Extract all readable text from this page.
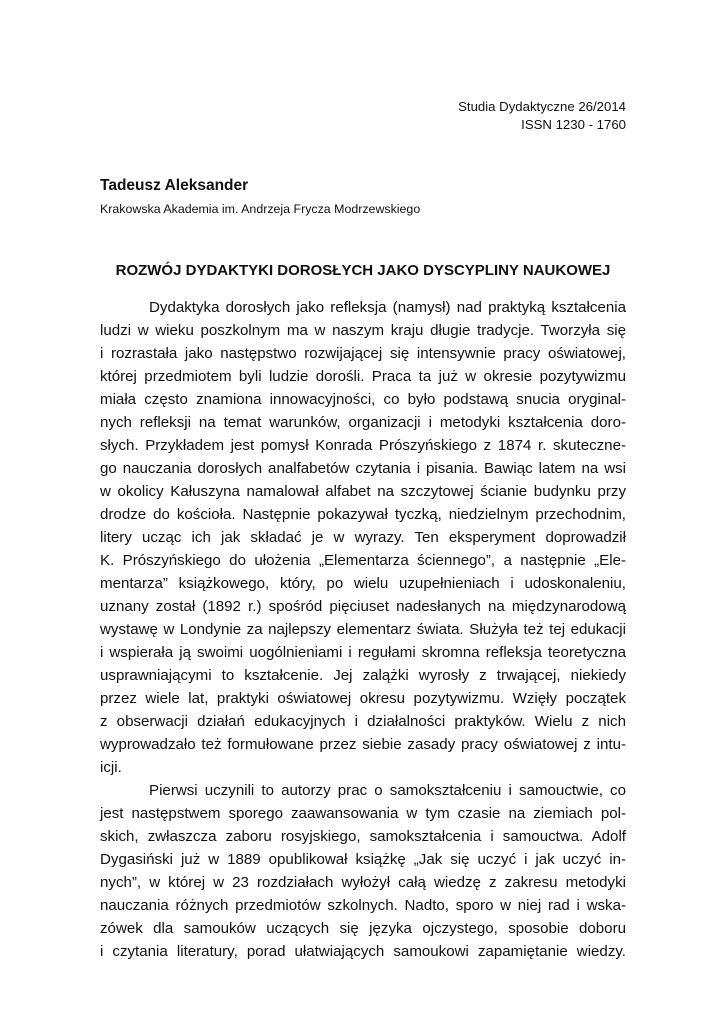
Studia Dydaktyczne 26/2014
ISSN 1230 - 1760
Tadeusz Aleksander
Krakowska Akademia im. Andrzeja Frycza Modrzewskiego
ROZWÓJ DYDAKTYKI DOROSŁYCH JAKO DYSCYPLINY NAUKOWEJ
Dydaktyka dorosłych jako refleksja (namysł) nad praktyką kształcenia
ludzi w wieku poszkolnym ma w naszym kraju długie tradycje. Tworzyła się
i rozrastała jako następstwo rozwijającej się intensywnie pracy oświatowej,
której przedmiotem byli ludzie dorośli. Praca ta już w okresie pozytywizmu
miała często znamiona innowacyjności, co było podstawą snucia oryginal-
nych refleksji na temat warunków, organizacji i metodyki kształcenia doro-
słych. Przykładem jest pomysł Konrada Prószyńskiego z 1874 r. skuteczne-
go nauczania dorosłych analfabetów czytania i pisania. Bawiąc latem na wsi
w okolicy Kałuszyna namalował alfabet na szczytowej ścianie budynku przy
drodze do kościoła. Następnie pokazywał tyczką, niedzielnym przechodnim,
litery ucząc ich jak składać je w wyrazy. Ten eksperyment doprowadził
K. Prószyńskiego do ułożenia „Elementarza ściennego”, a następnie „Ele-
mentarza” książkowego, który, po wielu uzupełnieniach i udoskonaleniu,
uznany został (1892 r.) spośród pięciuset nadesłanych na międzynarodową
wystawę w Londynie za najlepszy elementarz świata. Służyła też tej edukacji
i wspierała ją swoimi uogólnieniami i regułami skromna refleksja teoretyczna
usprawniającymi to kształcenie. Jej zalążki wyrosły z trwającej, niekiedy
przez wiele lat, praktyki oświatowej okresu pozytywizmu. Wzięły początek
z obserwacji działań edukacyjnych i działalności praktyków. Wielu z nich
wyprowadzało też formułowane przez siebie zasady pracy oświatowej z intu-
icji.
Pierwsi uczynili to autorzy prac o samokształceniu i samouctwie, co
jest następstwem sporego zaawansowania w tym czasie na ziemiach pol-
skich, zwłaszcza zaboru rosyjskiego, samokształcenia i samouctwa. Adolf
Dygasiński już w 1889 opublikował książkę „Jak się uczyć i jak uczyć in-
nych”, w której w 23 rozdziałach wyłożył całą wiedzę z zakresu metodyki
nauczania różnych przedmiotów szkolnych. Nadto, sporo w niej rad i wska-
zówek dla samouków uczących się języka ojczystego, sposobie doboru
i czytania literatury, porad ułatwiających samoukowi zapamiętanie wiedzy.
